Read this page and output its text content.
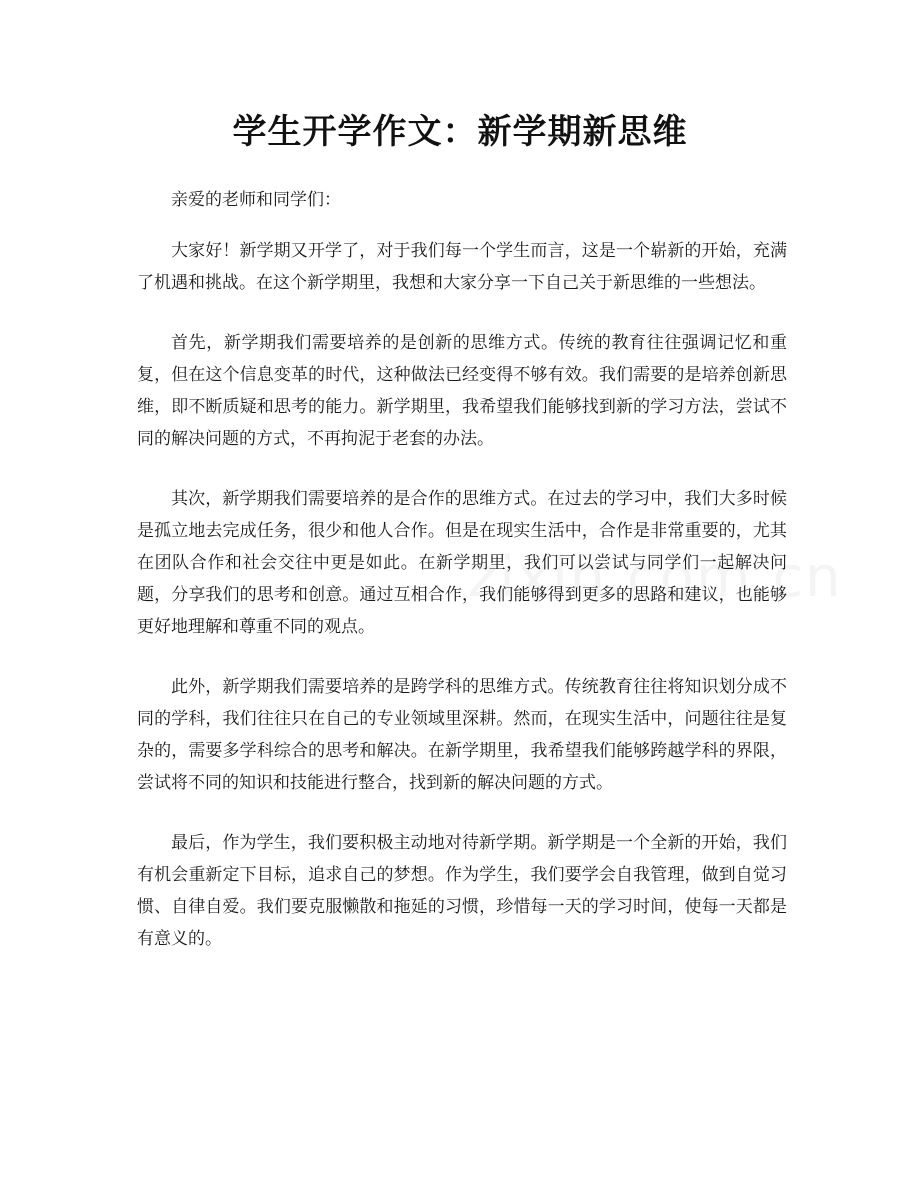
学生开学作文：新学期新思维

亲爱的老师和同学们：

大家好！新学期又开学了，对于我们每一个学生而言，这是一个崭新的开始，充满了机遇和挑战。在这个新学期里，我想和大家分享一下自己关于新思维的一些想法。

首先，新学期我们需要培养的是创新的思维方式。传统的教育往往强调记忆和重复，但在这个信息变革的时代，这种做法已经变得不够有效。我们需要的是培养创新思维，即不断质疑和思考的能力。新学期里，我希望我们能够找到新的学习方法，尝试不同的解决问题的方式，不再拘泥于老套的办法。

其次，新学期我们需要培养的是合作的思维方式。在过去的学习中，我们大多时候是孤立地去完成任务，很少和他人合作。但是在现实生活中，合作是非常重要的，尤其在团队合作和社会交往中更是如此。在新学期里，我们可以尝试与同学们一起解决问题，分享我们的思考和创意。通过互相合作，我们能够得到更多的思路和建议，也能够更好地理解和尊重不同的观点。

此外，新学期我们需要培养的是跨学科的思维方式。传统教育往往将知识划分成不同的学科，我们往往只在自己的专业领域里深耕。然而，在现实生活中，问题往往是复杂的，需要多学科综合的思考和解决。在新学期里，我希望我们能够跨越学科的界限，尝试将不同的知识和技能进行整合，找到新的解决问题的方式。

最后，作为学生，我们要积极主动地对待新学期。新学期是一个全新的开始，我们有机会重新定下目标，追求自己的梦想。作为学生，我们要学会自我管理，做到自觉习惯、自律自爱。我们要克服懒散和拖延的习惯，珍惜每一天的学习时间，使每一天都是有意义的。
